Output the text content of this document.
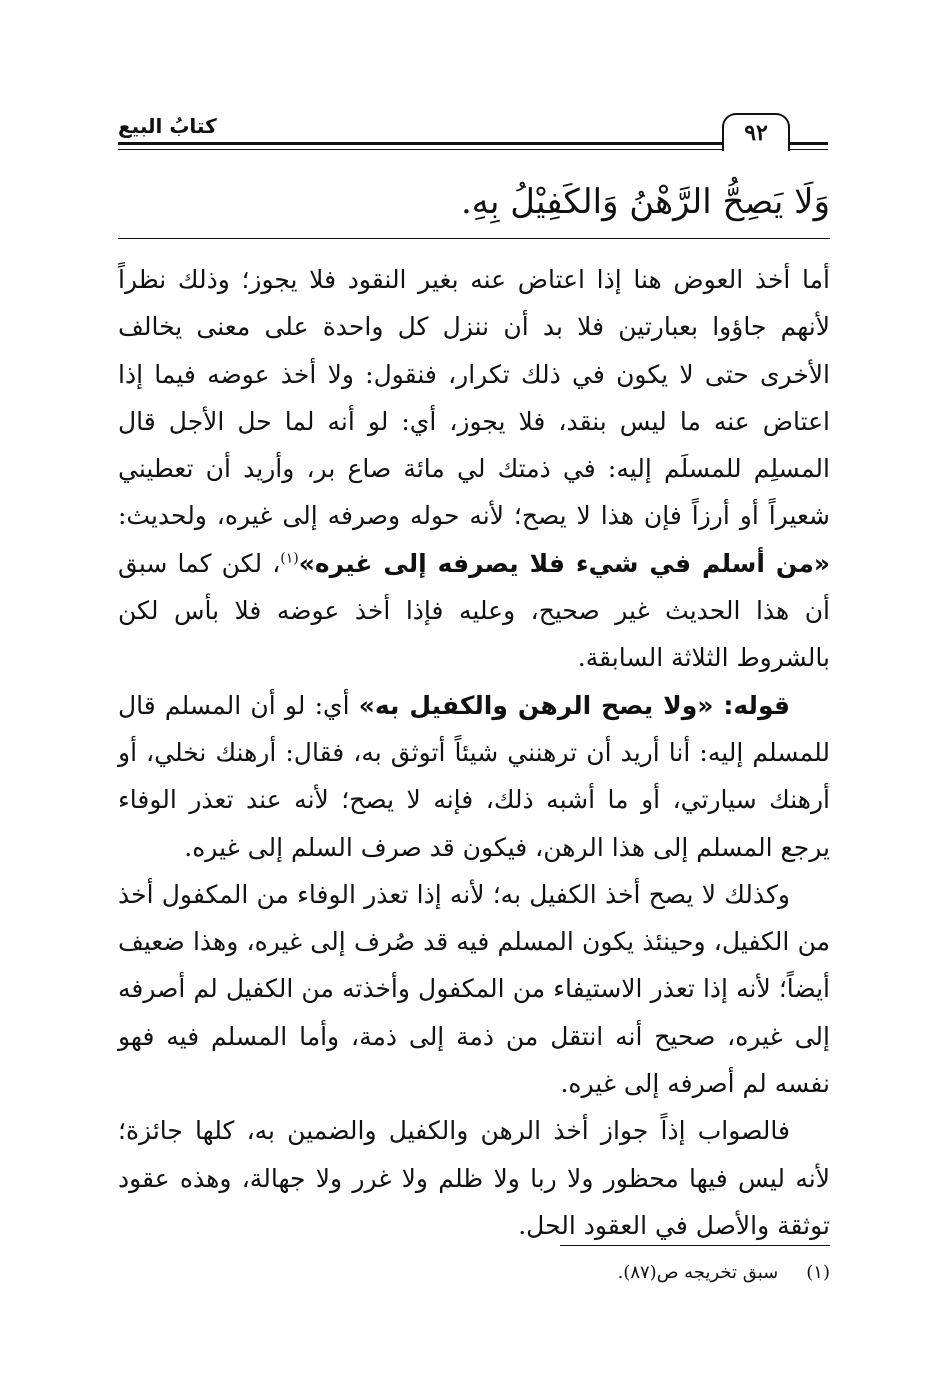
كتابُ البيع	٩٢
وَلَا يَصِحُّ الرَّهْنُ وَالكَفِيْلُ بِهِ.

أما أخذ العوض هنا إذا اعتاض عنه بغير النقود فلا يجوز؛ وذلك نظراً لأنهم جاؤوا بعبارتين فلا بد أن ننزل كل واحدة على معنى يخالف الأخرى حتى لا يكون في ذلك تكرار، فنقول: ولا أخذ عوضه فيما إذا اعتاض عنه ما ليس بنقد، فلا يجوز، أي: لو أنه لما حل الأجل قال المسلِم للمسلَم إليه: في ذمتك لي مائة صاع بر، وأريد أن تعطيني شعيراً أو أرزاً فإن هذا لا يصح؛ لأنه حوله وصرفه إلى غيره، ولحديث: «من أسلم في شيء فلا يصرفه إلى غيره»$^{(١)}$، لكن كما سبق أن هذا الحديث غير صحيح، وعليه فإذا أخذ عوضه فلا بأس لكن بالشروط الثلاثة السابقة.

قوله: «ولا يصح الرهن والكفيل به» أي: لو أن المسلم قال للمسلم إليه: أنا أريد أن ترهنني شيئاً أتوثق به، فقال: أرهنك نخلي، أو أرهنك سيارتي، أو ما أشبه ذلك، فإنه لا يصح؛ لأنه عند تعذر الوفاء يرجع المسلم إلى هذا الرهن، فيكون قد صرف السلم إلى غيره.

وكذلك لا يصح أخذ الكفيل به؛ لأنه إذا تعذر الوفاء من المكفول أخذ من الكفيل، وحينئذ يكون المسلم فيه قد صُرف إلى غيره، وهذا ضعيف أيضاً؛ لأنه إذا تعذر الاستيفاء من المكفول وأخذته من الكفيل لم أصرفه إلى غيره، صحيح أنه انتقل من ذمة إلى ذمة، وأما المسلم فيه فهو نفسه لم أصرفه إلى غيره.

فالصواب إذاً جواز أخذ الرهن والكفيل والضمين به، كلها جائزة؛ لأنه ليس فيها محظور ولا ربا ولا ظلم ولا غرر ولا جهالة، وهذه عقود توثقة والأصل في العقود الحل.

(١)سبق تخريجه ص(٨٧).
